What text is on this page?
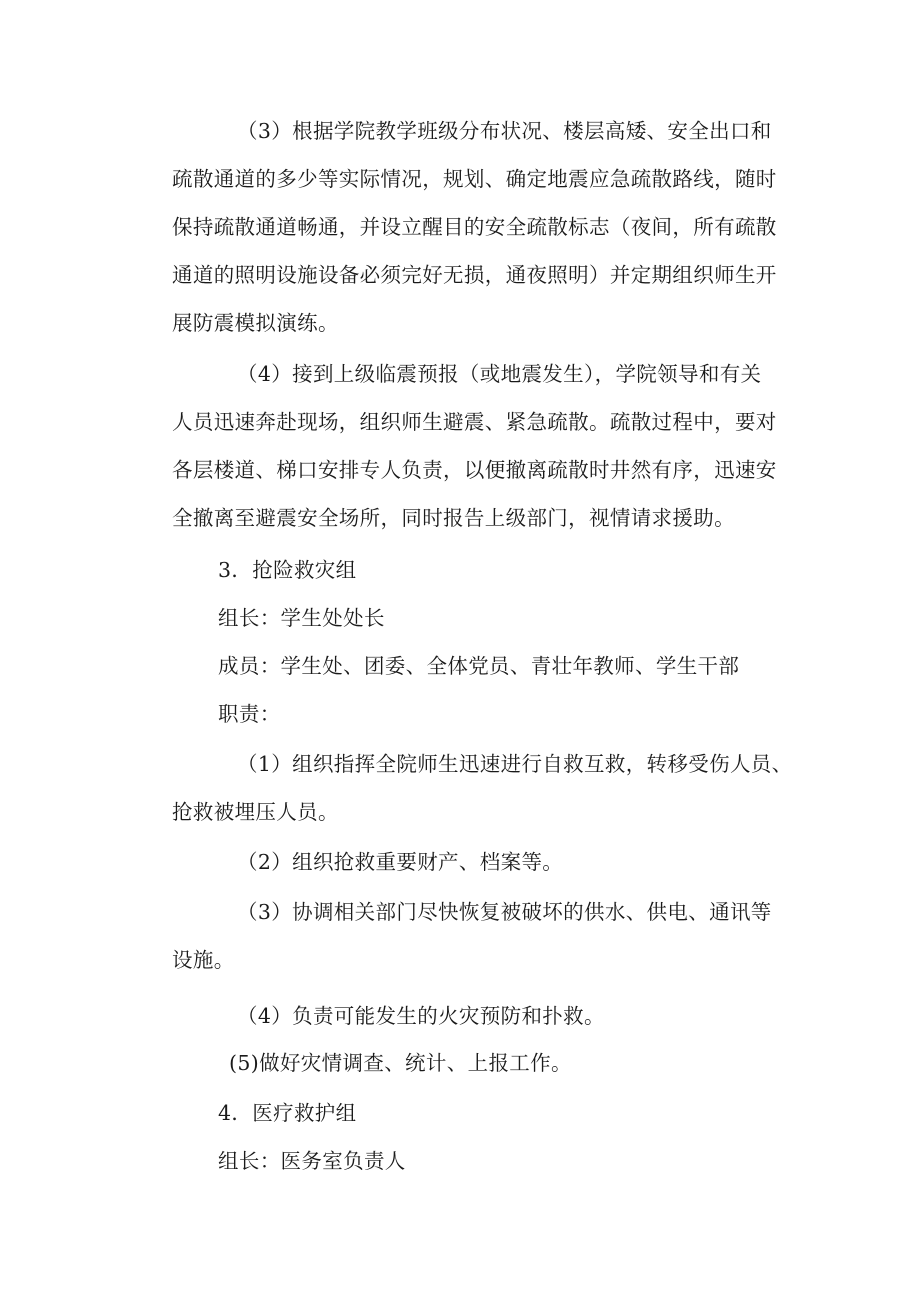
（3）根据学院教学班级分布状况、楼层高矮、安全出口和
疏散通道的多少等实际情况，规划、确定地震应急疏散路线，随时
保持疏散通道畅通，并设立醒目的安全疏散标志（夜间，所有疏散
通道的照明设施设备必须完好无损，通夜照明）并定期组织师生开
展防震模拟演练。
（4）接到上级临震预报（或地震发生），学院领导和有关
人员迅速奔赴现场，组织师生避震、紧急疏散。疏散过程中，要对
各层楼道、梯口安排专人负责，以便撤离疏散时井然有序，迅速安
全撤离至避震安全场所，同时报告上级部门，视情请求援助。
3．抢险救灾组
组长：学生处处长
成员：学生处、团委、全体党员、青壮年教师、学生干部
职责：
（1）组织指挥全院师生迅速进行自救互救，转移受伤人员、
抢救被埋压人员。
（2）组织抢救重要财产、档案等。
（3）协调相关部门尽快恢复被破坏的供水、供电、通讯等
设施。
（4）负责可能发生的火灾预防和扑救。
(5)做好灾情调查、统计、上报工作。
4．医疗救护组
组长：医务室负责人
